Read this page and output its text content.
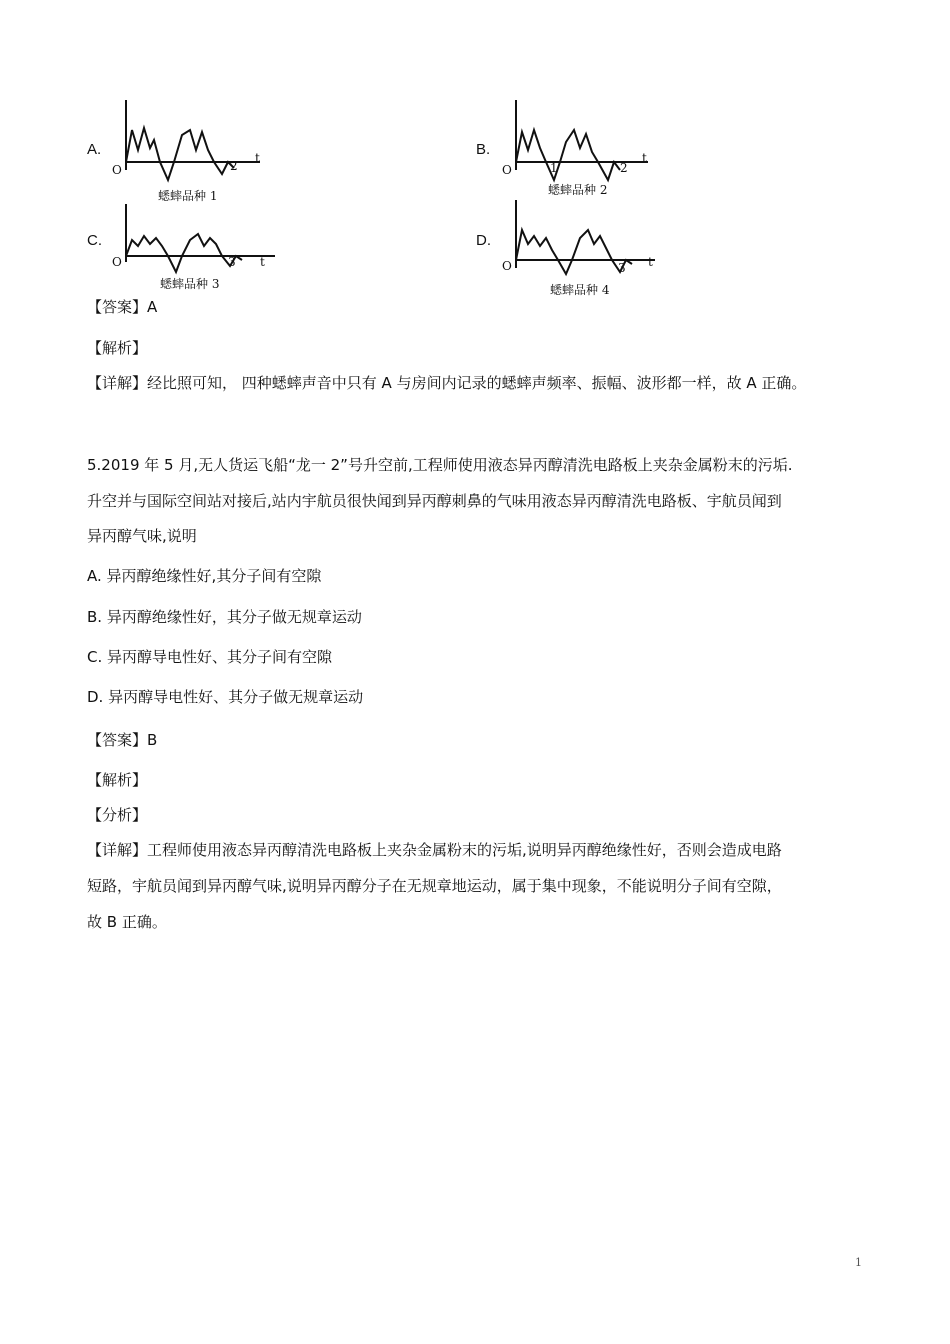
A.
O	2
t
蟋蟀品种 1
B.
O	1	2
t
蟋蟀品种 2
C.
O	3 t
蟋蟀品种 3
D.
O	3 t
蟋蟀品种 4
【答案】A
【解析】
【详解】经比照可知， 四种蟋蟀声音中只有 A 与房间内记录的蟋蟀声频率、振幅、波形都一样，故 A 正确。
5.2019 年 5 月,无人货运飞船“龙一 2”号升空前,工程师使用液态异丙醇清洗电路板上夹杂金属粉末的污垢.
升空并与国际空间站对接后,站内宇航员很快闻到异丙醇刺鼻的气味用液态异丙醇清洗电路板、宇航员闻到
异丙醇气味,说明
A. 异丙醇绝缘性好,其分子间有空隙
B. 异丙醇绝缘性好，其分子做无规章运动
C. 异丙醇导电性好、其分子间有空隙
D. 异丙醇导电性好、其分子做无规章运动
【答案】B
【解析】
【分析】
【详解】工程师使用液态异丙醇清洗电路板上夹杂金属粉末的污垢,说明异丙醇绝缘性好，否则会造成电路
短路，宇航员闻到异丙醇气味,说明异丙醇分子在无规章地运动，属于集中现象，不能说明分子间有空隙，
故 B 正确。
1
